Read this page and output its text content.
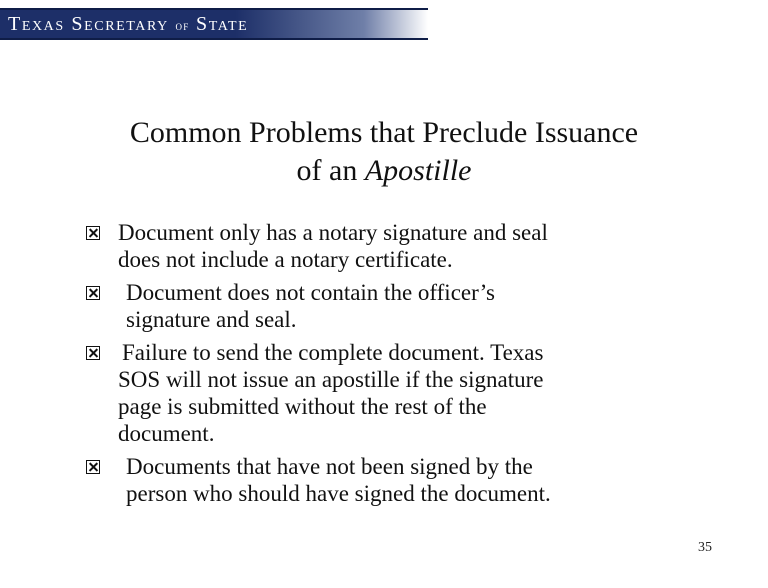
Texas Secretary of State
Common Problems that Preclude Issuance
of an Apostille
Document only has a notary signature and seal
does not include a notary certificate.
Document does not contain the officer’s
signature and seal.
Failure to send the complete document. Texas
SOS will not issue an apostille if the signature
page is submitted without the rest of the
document.
Documents that have not been signed by the
person who should have signed the document.
35
